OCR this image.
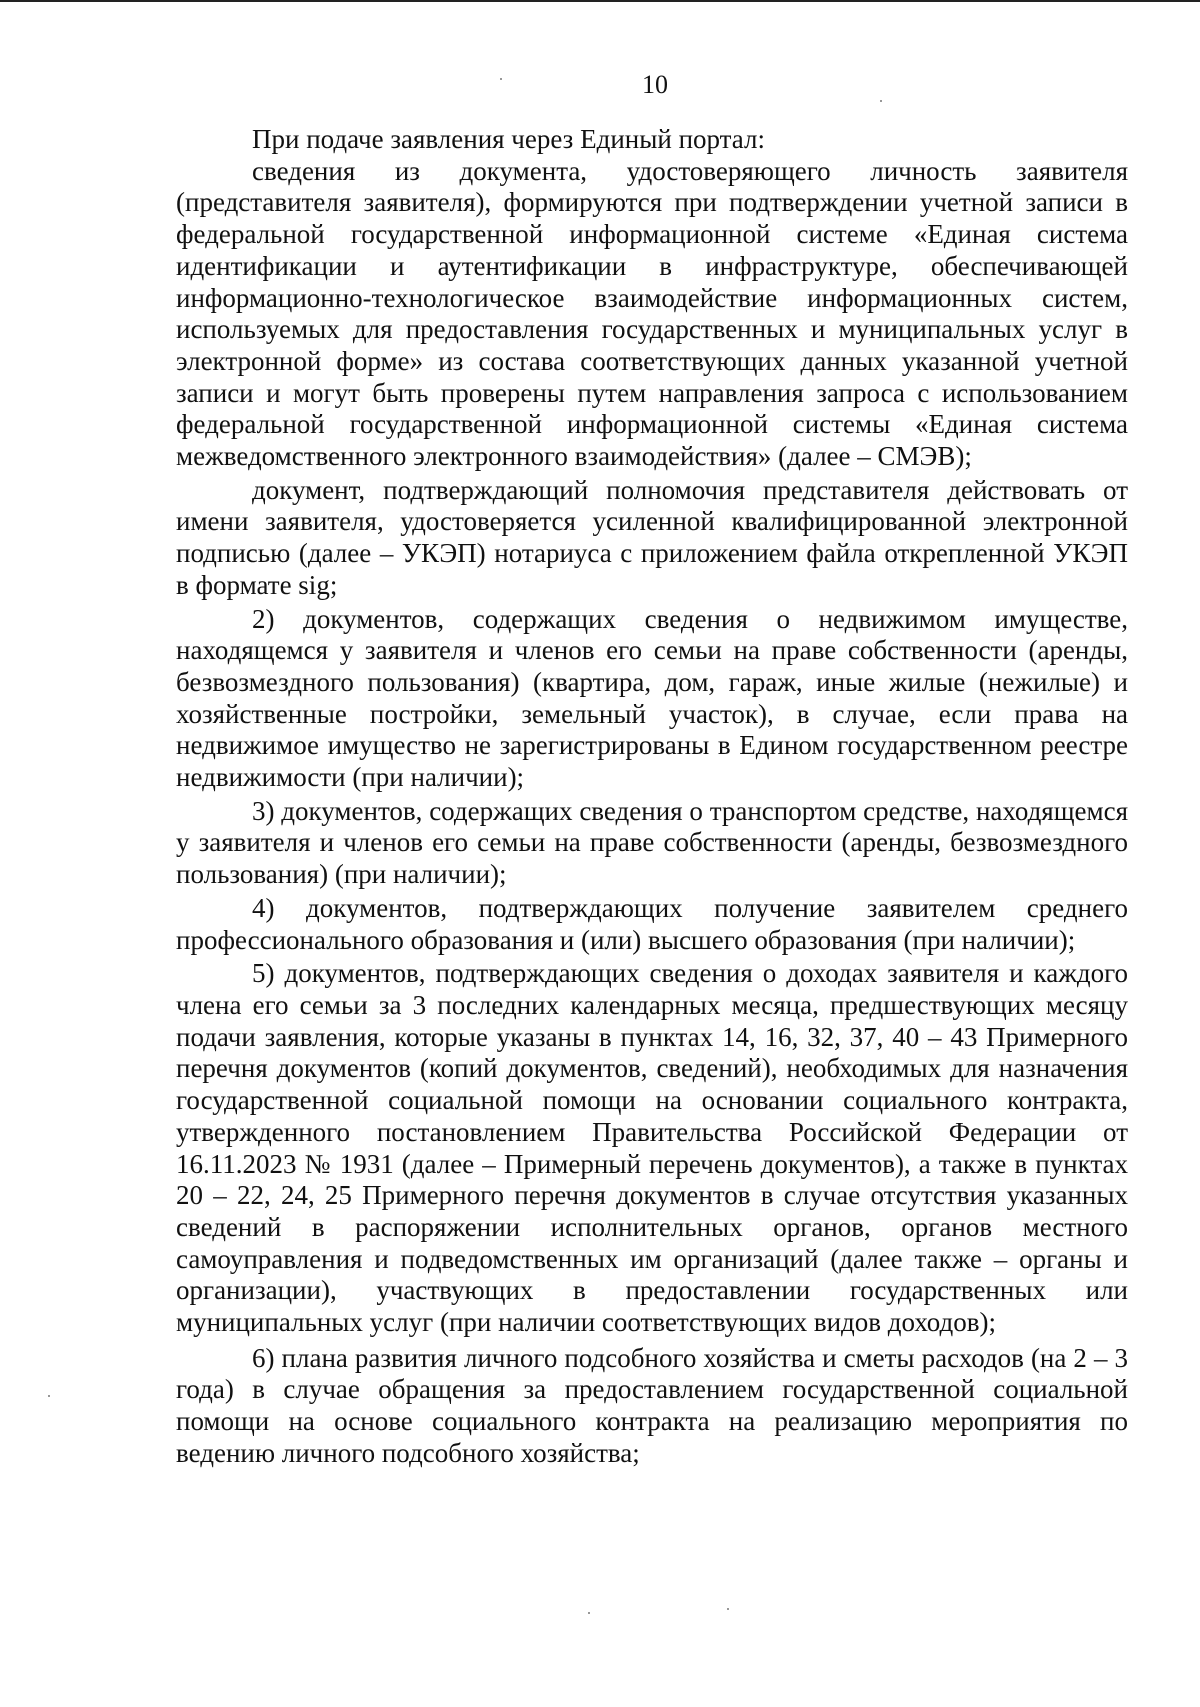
10

При подаче заявления через Единый портал:

сведения из документа, удостоверяющего личность заявителя (представителя заявителя), формируются при подтверждении учетной записи в федеральной государственной информационной системе «Единая система идентификации и аутентификации в инфраструктуре, обеспечивающей информационно-технологическое взаимодействие информационных систем, используемых для предоставления государственных и муниципальных услуг в электронной форме» из состава соответствующих данных указанной учетной записи и могут быть проверены путем направления запроса с использованием федеральной государственной информационной системы «Единая система межведомственного электронного взаимодействия» (далее – СМЭВ);

документ, подтверждающий полномочия представителя действовать от имени заявителя, удостоверяется усиленной квалифицированной электронной подписью (далее – УКЭП) нотариуса с приложением файла открепленной УКЭП в формате sig;

2) документов, содержащих сведения о недвижимом имуществе, находящемся у заявителя и членов его семьи на праве собственности (аренды, безвозмездного пользования) (квартира, дом, гараж, иные жилые (нежилые) и хозяйственные постройки, земельный участок), в случае, если права на недвижимое имущество не зарегистрированы в Едином государственном реестре недвижимости (при наличии);

3) документов, содержащих сведения о транспортом средстве, находящемся у заявителя и членов его семьи на праве собственности (аренды, безвозмездного пользования) (при наличии);

4) документов, подтверждающих получение заявителем среднего профессионального образования и (или) высшего образования (при наличии);

5) документов, подтверждающих сведения о доходах заявителя и каждого члена его семьи за 3 последних календарных месяца, предшествующих месяцу подачи заявления, которые указаны в пунктах 14, 16, 32, 37, 40 – 43 Примерного перечня документов (копий документов, сведений), необходимых для назначения государственной социальной помощи на основании социального контракта, утвержденного постановлением Правительства Российской Федерации от 16.11.2023 № 1931 (далее – Примерный перечень документов), а также в пунктах 20 – 22, 24, 25 Примерного перечня документов в случае отсутствия указанных сведений в распоряжении исполнительных органов, органов местного самоуправления и подведомственных им организаций (далее также – органы и организации), участвующих в предоставлении государственных или муниципальных услуг (при наличии соответствующих видов доходов);

6) плана развития личного подсобного хозяйства и сметы расходов (на 2 – 3 года) в случае обращения за предоставлением государственной социальной помощи на основе социального контракта на реализацию мероприятия по ведению личного подсобного хозяйства;
